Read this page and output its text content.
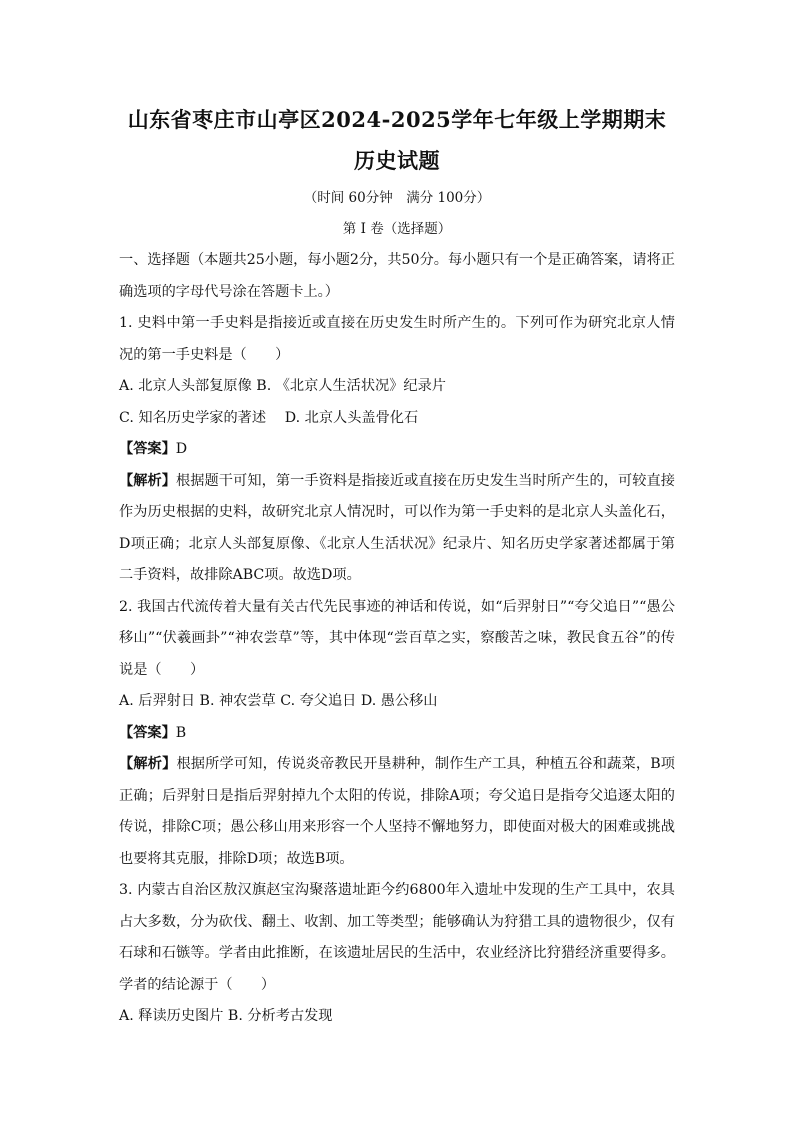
山东省枣庄市山亭区2024-2025学年七年级上学期期末
历史试题
（时间 60分钟　满分 100分）
第 I 卷（选择题）

一、选择题（本题共25小题，每小题2分，共50分。每小题只有一个是正确答案，请将正确选项的字母代号涂在答题卡上。）

1. 史料中第一手史料是指接近或直接在历史发生时所产生的。下列可作为研究北京人情况的第一手史料是（　　）

A. 北京人头部复原像 B. 《北京人生活状况》纪录片

C. 知名历史学家的著述　 D. 北京人头盖骨化石

【答案】D

【解析】根据题干可知，第一手资料是指接近或直接在历史发生当时所产生的，可较直接作为历史根据的史料，故研究北京人情况时，可以作为第一手史料的是北京人头盖化石，D项正确；北京人头部复原像、《北京人生活状况》纪录片、知名历史学家著述都属于第二手资料，故排除ABC项。故选D项。

2. 我国古代流传着大量有关古代先民事迹的神话和传说，如“后羿射日”“夸父追日”“愚公移山”“伏羲画卦”“神农尝草”等，其中体现“尝百草之实，察酸苦之味，教民食五谷”的传说是（　　）

A. 后羿射日 B. 神农尝草 C. 夸父追日 D. 愚公移山

【答案】B

【解析】根据所学可知，传说炎帝教民开垦耕种，制作生产工具，种植五谷和蔬菜，B项正确；后羿射日是指后羿射掉九个太阳的传说，排除A项；夸父追日是指夸父追逐太阳的传说，排除C项；愚公移山用来形容一个人坚持不懈地努力，即使面对极大的困难或挑战也要将其克服，排除D项；故选B项。

3. 内蒙古自治区敖汉旗赵宝沟聚落遗址距今约6800年入遗址中发现的生产工具中，农具占大多数，分为砍伐、翻土、收割、加工等类型；能够确认为狩猎工具的遗物很少，仅有石球和石镞等。学者由此推断，在该遗址居民的生活中，农业经济比狩猎经济重要得多。学者的结论源于（　　）

A. 释读历史图片 B. 分析考古发现
